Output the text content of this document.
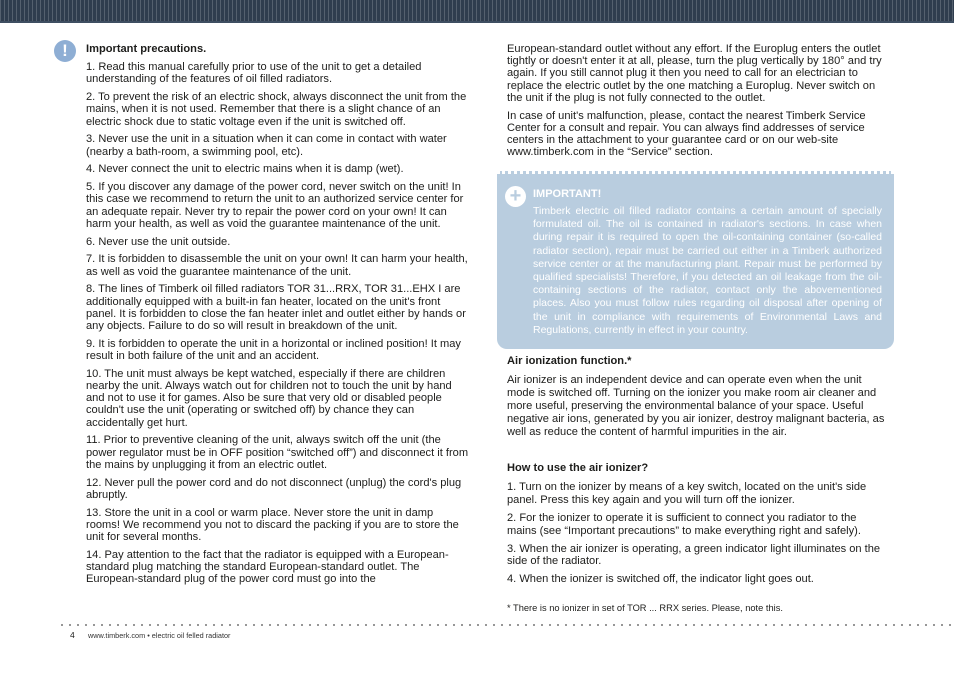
!	Important precautions.

1. Read this manual carefully prior to use of the unit to get a detailed understanding of the features of oil filled radiators.

2. To prevent the risk of an electric shock, always disconnect the unit from the mains, when it is not used. Remember that there is a slight chance of an electric shock due to static voltage even if the unit is switched off.

3. Never use the unit in a situation when it can come in contact with water (nearby a bath-room, a swimming pool, etc).

4. Never connect the unit to electric mains when it is damp (wet).

5. If you discover any damage of the power cord, never switch on the unit! In this case we recommend to return the unit to an authorized service center for an adequate repair. Never try to repair the power cord on your own! It can harm your health, as well as void the guarantee maintenance of the unit.

6. Never use the unit outside.

7. It is forbidden to disassemble the unit on your own! It can harm your health, as well as void the guarantee maintenance of the unit.

8. The lines of Timberk oil filled radiators TOR 31...RRX, TOR 31...EHX I are additionally equipped with a built-in fan heater, located on the unit's front panel. It is forbidden to close the fan heater inlet and outlet either by hands or any objects. Failure to do so will result in breakdown of the unit.

9. It is forbidden to operate the unit in a horizontal or inclined position! It may result in both failure of the unit and an accident.

10. The unit must always be kept watched, especially if there are children nearby the unit. Always watch out for children not to touch the unit by hand and not to use it for games. Also be sure that very old or disabled people couldn't use the unit (operating or switched off) by chance they can accidentally get hurt.

11. Prior to preventive cleaning of the unit, always switch off the unit (the power regulator must be in OFF position “switched off”) and disconnect it from the mains by unplugging it from an electric outlet.

12. Never pull the power cord and do not disconnect (unplug) the cord's plug abruptly.

13. Store the unit in a cool or warm place. Never store the unit in damp rooms! We recommend you not to discard the packing if you are to store the unit for several months.

14. Pay attention to the fact that the radiator is equipped with a European-standard plug matching the standard European-standard outlet. The European-standard plug of the power cord must go into the

European-standard outlet without any effort. If the Europlug enters the outlet tightly or doesn't enter it at all, please, turn the plug vertically by 180° and try again. If you still cannot plug it then you need to call for an electrician to replace the electric outlet by the one matching a Europlug. Never switch on the unit if the plug is not fully connected to the outlet.

In case of unit's malfunction, please, contact the nearest Timberk Service Center for a consult and repair. You can always find addresses of service centers in the attachment to your guarantee card or on our web-site www.timberk.com in the “Service” section.

+	IMPORTANT!
Timberk electric oil filled radiator contains a certain amount of specially formulated oil. The oil is contained in radiator's sections. In case when during repair it is required to open the oil-containing container (so-called radiator section), repair must be carried out either in a Timberk authorized service center or at the manufacturing plant. Repair must be performed by qualified specialists! Therefore, if you detected an oil leakage from the oil-containing sections of the radiator, contact only the abovementioned places. Also you must follow rules regarding oil disposal after opening of the unit in compliance with requirements of Environmental Laws and Regulations, currently in effect in your country.

Air ionization function.*

Air ionizer is an independent device and can operate even when the unit mode is switched off. Turning on the ionizer you make room air cleaner and more useful, preserving the environmental balance of your space. Useful negative air ions, generated by you air ionizer, destroy malignant bacteria, as well as reduce the content of harmful impurities in the air.

How to use the air ionizer?

1. Turn on the ionizer by means of a key switch, located on the unit's side panel. Press this key again and you will turn off the ionizer.

2. For the ionizer to operate it is sufficient to connect you radiator to the mains (see “Important precautions” to make everything right and safely).

3. When the air ionizer is operating, a green indicator light illuminates on the side of the radiator.

4. When the ionizer is switched off, the indicator light goes out.

* There is no ionizer in set of TOR ... RRX series. Please, note this.
4 www.timberk.com • electric oil felled radiator
